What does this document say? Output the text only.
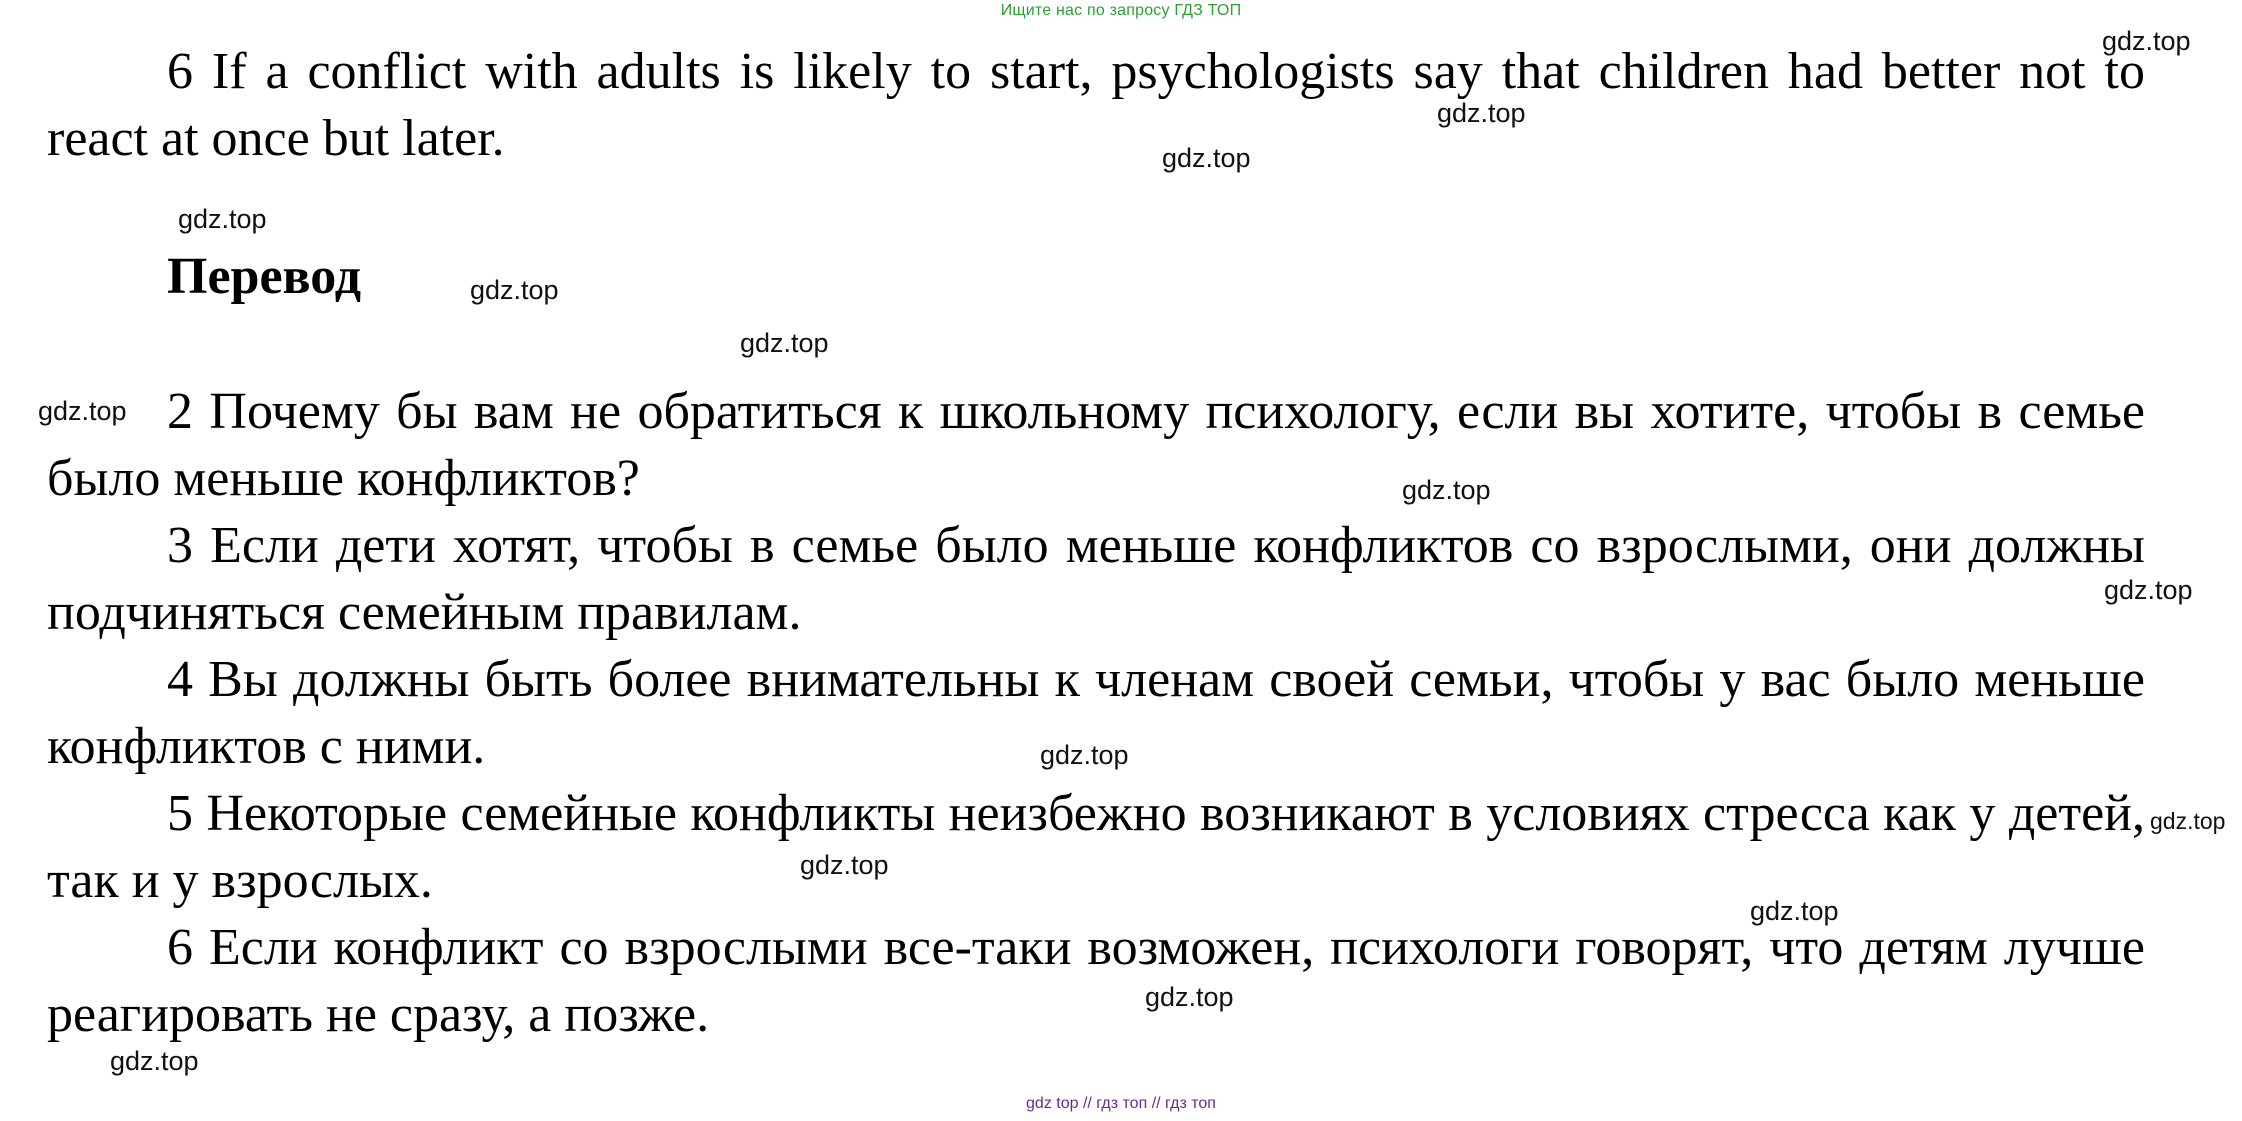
Ищите нас по запросу ГДЗ ТОП
6 If a conflict with adults is likely to start, psychologists say that children had better not to react at once but later.
Перевод
2 Почему бы вам не обратиться к школьному психологу, если вы хотите, чтобы в семье было меньше конфликтов?
3 Если дети хотят, чтобы в семье было меньше конфликтов со взрослыми, они должны подчиняться семейным правилам.
4 Вы должны быть более внимательны к членам своей семьи, чтобы у вас было меньше конфликтов с ними.
5 Некоторые семейные конфликты неизбежно возникают в условиях стресса как у детей, так и у взрослых.
6 Если конфликт со взрослыми все-таки возможен, психологи говорят, что детям лучше реагировать не сразу, а позже.
gdz.top
gdz.top
gdz.top
gdz.top
gdz.top
gdz.top
gdz.top
gdz.top
gdz.top
gdz.top
gdz.top
gdz.top
gdz.top
gdz.top
gdz.top
gdz top // гдз топ // гдз топ
